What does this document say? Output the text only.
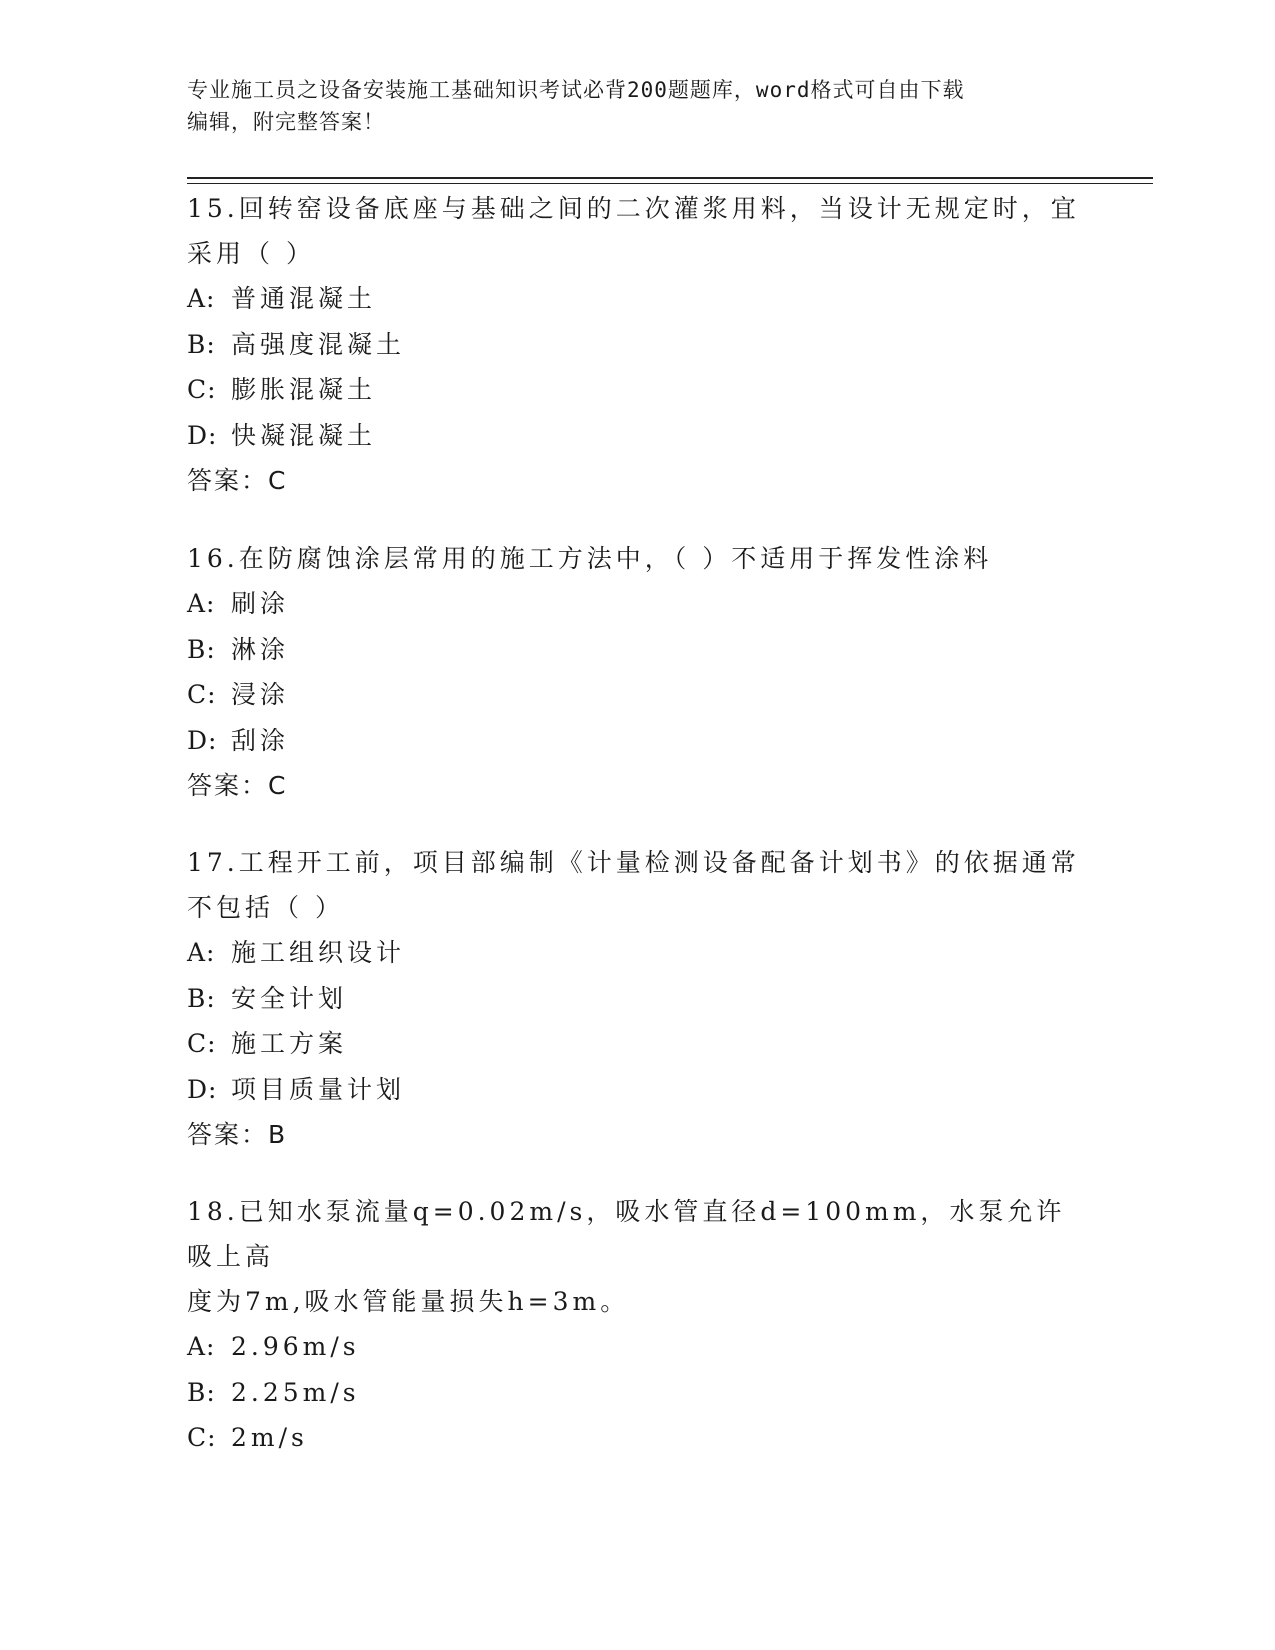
专业施工员之设备安装施工基础知识考试必背200题题库，word格式可自由下载
编辑，附完整答案！

15.回转窑设备底座与基础之间的二次灌浆用料，当设计无规定时，宜

采用（ ）

A: 普通混凝土

B: 高强度混凝土

C: 膨胀混凝土

D: 快凝混凝土

答案：C

16.在防腐蚀涂层常用的施工方法中，（ ）不适用于挥发性涂料

A: 刷涂

B: 淋涂

C: 浸涂

D: 刮涂

答案：C

17.工程开工前，项目部编制《计量检测设备配备计划书》的依据通常

不包括（ ）

A: 施工组织设计

B: 安全计划

C: 施工方案

D: 项目质量计划

答案：B

18.已知水泵流量q=0.02m/s，吸水管直径d=100mm，水泵允许吸上高

度为7m,吸水管能量损失h=3m。

A: 2.96m/s

B: 2.25m/s

C: 2m/s
